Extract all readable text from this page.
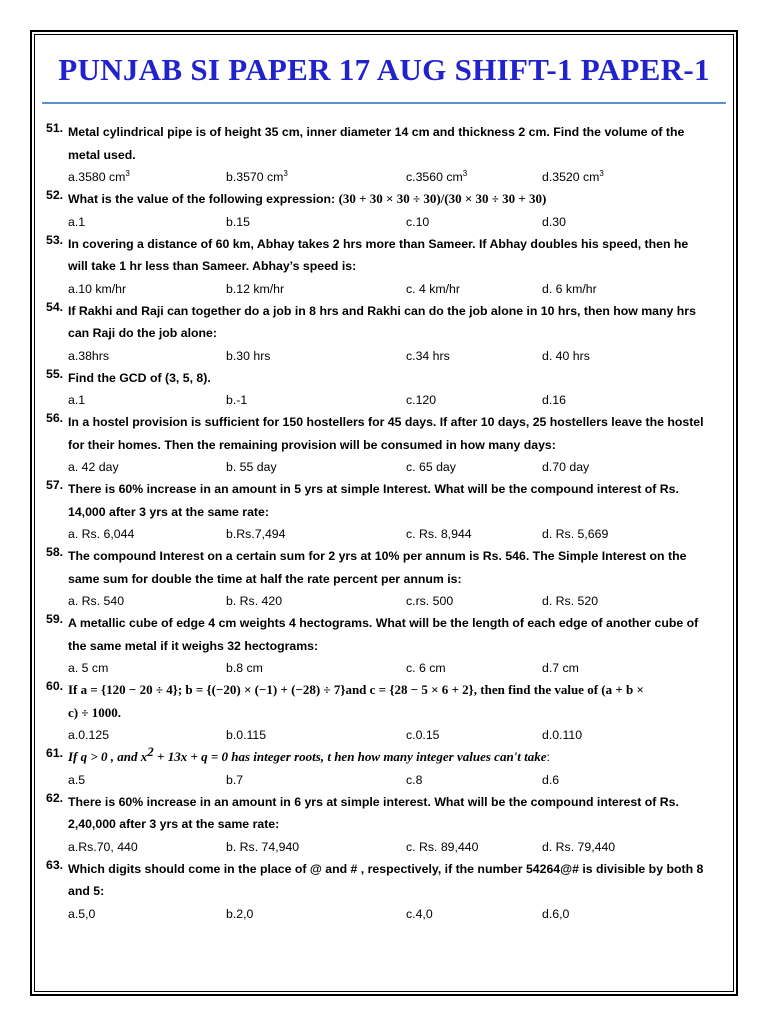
PUNJAB SI PAPER 17 AUG SHIFT-1 PAPER-1
51. Metal cylindrical pipe is of height 35 cm, inner diameter 14 cm and thickness 2 cm. Find the volume of the
metal used.
a.3580 $cm^3$	b.3570 $cm^3$	c.3560 $cm^3$	d.3520 $cm^3$
52. What is the value of the following expression: (30 + 30 × 30 ÷ 30)/(30 × 30 ÷ 30 + 30)
a.1	b.15	c.10	d.30
53. In covering a distance of 60 km, Abhay takes 2 hrs more than Sameer. If Abhay doubles his speed, then he
will take 1 hr less than Sameer. Abhay’s speed is:
a.10 km/hr	b.12 km/hr	c. 4 km/hr	d. 6 km/hr
54. If Rakhi and Raji can together do a job in 8 hrs and Rakhi can do the job alone in 10 hrs, then how many hrs
can Raji do the job alone:
a.38hrs	b.30 hrs	c.34 hrs	d. 40 hrs
55. Find the GCD of (3, 5, 8).
a.1	b.-1	c.120	d.16
56. In a hostel provision is sufficient for 150 hostellers for 45 days. If after 10 days, 25 hostellers leave the hostel
for their homes. Then the remaining provision will be consumed in how many days:
a. 42 day	b. 55 day	c. 65 day	d.70 day
57. There is 60% increase in an amount in 5 yrs at simple Interest. What will be the compound interest of Rs.
14,000 after 3 yrs at the same rate:
a. Rs. 6,044	b.Rs.7,494	c. Rs. 8,944	d. Rs. 5,669
58. The compound Interest on a certain sum for 2 yrs at 10% per annum is Rs. 546. The Simple Interest on the
same sum for double the time at half the rate percent per annum is:
a. Rs. 540	b. Rs. 420	c.rs. 500	d. Rs. 520
59. A metallic cube of edge 4 cm weights 4 hectograms. What will be the length of each edge of another cube of
the same metal if it weighs 32 hectograms:
a. 5 cm	b.8 cm	c. 6 cm	d.7 cm
60. If a = {120 − 20 ÷ 4}; b = {(−20) × (−1) + (−28) ÷ 7}and c = {28 − 5 × 6 + 2}, then find the value of (a + b ×
c) ÷ 1000.
a.0.125	b.0.115	c.0.15	d.0.110
61. If q > 0 , and $x^2 + 13x + q = 0$ has integer roots, t hen how many integer values can't take:
a.5	b.7	c.8	d.6
62. There is 60% increase in an amount in 6 yrs at simple interest. What will be the compound interest of Rs.
2,40,000 after 3 yrs at the same rate:
a.Rs.70, 440	b. Rs. 74,940	c. Rs. 89,440	d. Rs. 79,440
63. Which digits should come in the place of @ and # , respectively, if the number 54264@# is divisible by both 8
and 5:
a.5,0	b.2,0	c.4,0	d.6,0
